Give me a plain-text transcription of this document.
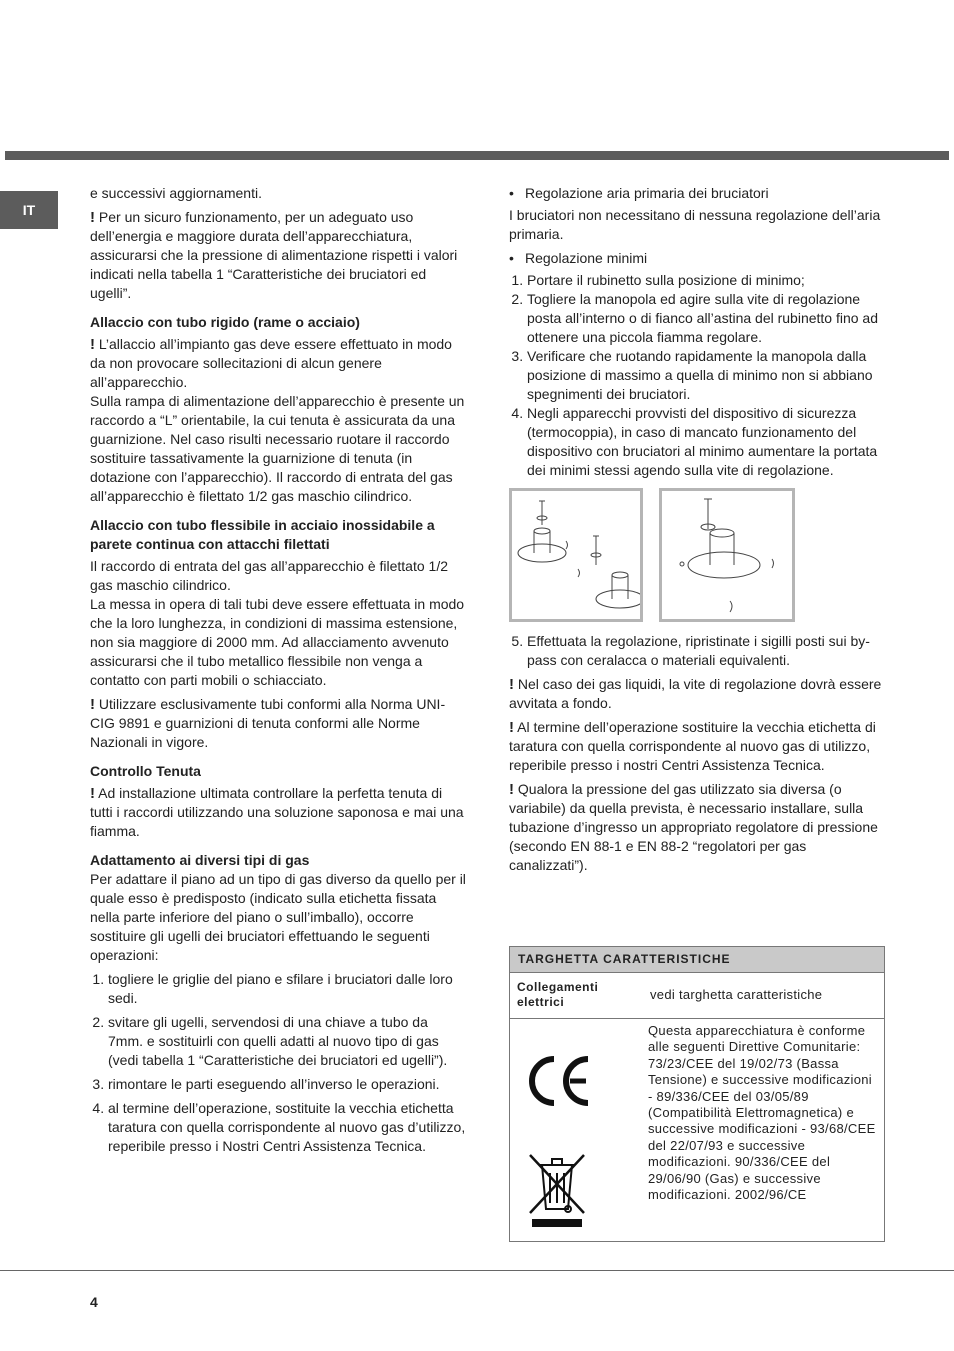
IT

e successivi aggiornamenti.

! Per un sicuro funzionamento, per un adeguato uso dell’energia e maggiore durata dell’apparecchiatura, assicurarsi che la pressione di alimentazione rispetti i valori indicati nella tabella 1 “Caratteristiche dei bruciatori ed ugelli”.

Allaccio con tubo rigido (rame o acciaio)

! L’allaccio all’impianto gas deve essere effettuato in modo da non provocare sollecitazioni di alcun genere all’apparecchio.

Sulla rampa di alimentazione dell’apparecchio è presente un raccordo a “L” orientabile, la cui tenuta è assicurata da una guarnizione. Nel caso risulti necessario ruotare il raccordo sostituire tassativamente la guarnizione di tenuta (in dotazione con l’apparecchio). Il raccordo di entrata del gas all’apparecchio è filettato 1/2 gas maschio cilindrico.

Allaccio con tubo flessibile in acciaio inossidabile a parete continua con attacchi filettati

Il raccordo di entrata del gas all’apparecchio è filettato 1/2 gas maschio cilindrico.

La messa in opera di tali tubi deve essere effettuata in modo che la loro lunghezza, in condizioni di massima estensione, non sia maggiore di 2000 mm. Ad allacciamento avvenuto assicurarsi che il tubo metallico flessibile non venga a contatto con parti mobili o schiacciato.

! Utilizzare esclusivamente tubi conformi alla Norma UNI-CIG 9891 e guarnizioni di tenuta conformi alle Norme Nazionali in vigore.

Controllo Tenuta

! Ad installazione ultimata controllare la perfetta tenuta di tutti i raccordi utilizzando una soluzione saponosa e mai una fiamma.

Adattamento ai diversi tipi di gas

Per adattare il piano ad un tipo di gas diverso da quello per il quale esso è predisposto (indicato sulla etichetta fissata nella parte inferiore del piano o sull’imballo), occorre sostituire gli ugelli dei bruciatori effettuando le seguenti operazioni:

1. togliere le griglie del piano e sfilare i bruciatori dalle loro sedi.
2. svitare gli ugelli, servendosi di una chiave a tubo da 7mm. e sostituirli con quelli adatti al nuovo tipo di gas (vedi tabella 1 “Caratteristiche dei bruciatori ed ugelli”).
3. rimontare le parti eseguendo all’inverso le operazioni.
4. al termine dell’operazione, sostituite la vecchia etichetta taratura con quella corrispondente al nuovo gas d’utilizzo, reperibile presso i Nostri Centri Assistenza Tecnica.

• Regolazione aria primaria dei bruciatori

I bruciatori non necessitano di nessuna regolazione dell’aria primaria.

• Regolazione minimi

1. Portare il rubinetto sulla posizione di minimo;
2. Togliere la manopola ed agire sulla vite di regolazione posta all’interno o di fianco all’astina del rubinetto fino ad ottenere una piccola fiamma regolare.
3. Verificare che ruotando rapidamente la manopola dalla posizione di massimo a quella di minimo non si abbiano spegnimenti dei bruciatori.
4. Negli apparecchi provvisti del dispositivo di sicurezza (termocoppia), in caso di mancato funzionamento del dispositivo con bruciatori al minimo aumentare la portata dei minimi stessi agendo sulla vite di regolazione.
5. Effettuata la regolazione, ripristinate i sigilli posti sui by-pass con ceralacca o materiali equivalenti.

! Nel caso dei gas liquidi, la vite di regolazione dovrà essere avvitata a fondo.

! Al termine dell’operazione sostituire la vecchia etichetta di taratura con quella corrispondente al nuovo gas di utilizzo, reperibile presso i nostri Centri Assistenza Tecnica.

! Qualora la pressione del gas utilizzato sia diversa (o variabile) da quella prevista, è necessario installare, sulla tubazione d’ingresso un appropriato regolatore di pressione (secondo EN 88-1 e EN 88-2 “regolatori per gas canalizzati”).

TARGHETTA CARATTERISTICHE
Collegamenti elettrici	vedi targhetta caratteristiche
Questa apparecchiatura è conforme alle seguenti Direttive Comunitarie: 73/23/CEE del 19/02/73 (Bassa Tensione) e successive modificazioni - 89/336/CEE del 03/05/89 (Compatibilità Elettromagnetica) e successive modificazioni - 93/68/CEE del 22/07/93 e successive modificazioni. 90/336/CEE del 29/06/90 (Gas) e successive modificazioni. 2002/96/CE
4
